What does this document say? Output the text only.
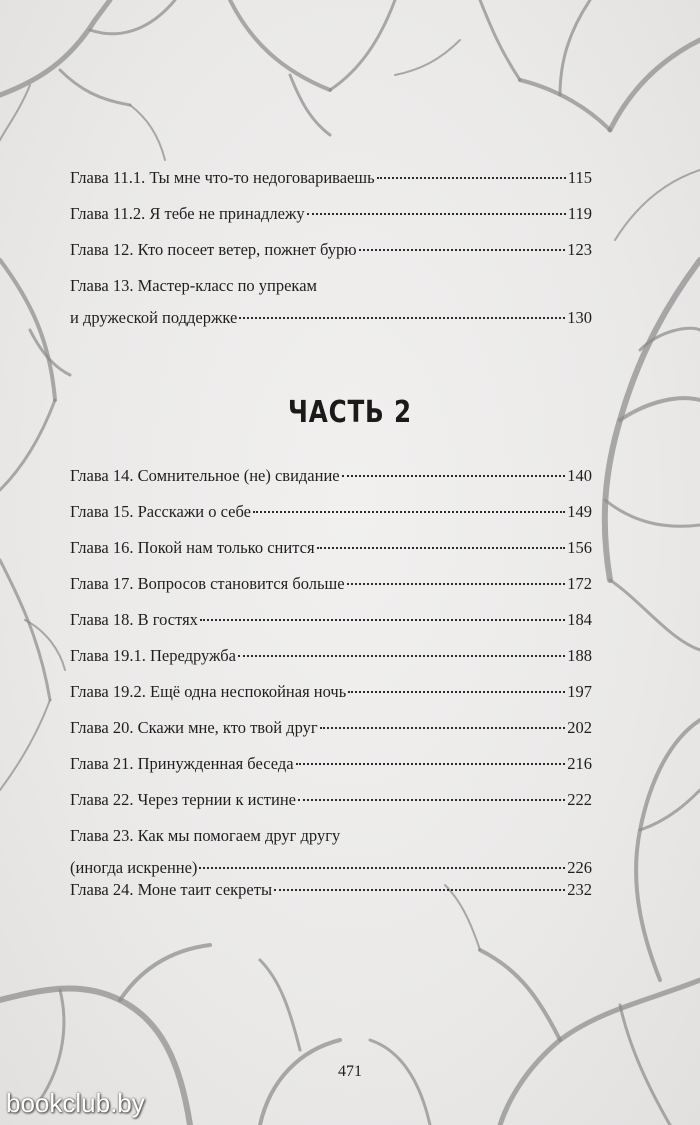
Глава 11.1. Ты мне что-то недоговариваешь	115
Глава 11.2. Я тебе не принадлежу	119
Глава 12. Кто посеет ветер, пожнет бурю	123
Глава 13. Мастер-класс по упрекам
и дружеской поддержке	130
ЧАСТЬ 2
Глава 14. Сомнительное (не) свидание	140
Глава 15. Расскажи о себе	149
Глава 16. Покой нам только снится	156
Глава 17. Вопросов становится больше	172
Глава 18. В гостях	184
Глава 19.1. Передружба	188
Глава 19.2. Ещё одна неспокойная ночь	197
Глава 20. Скажи мне, кто твой друг	202
Глава 21. Принужденная беседа	216
Глава 22. Через тернии к истине	222
Глава 23. Как мы помогаем друг другу
(иногда искренне)	226
Глава 24. Моне таит секреты	232
471
bookclub.by
